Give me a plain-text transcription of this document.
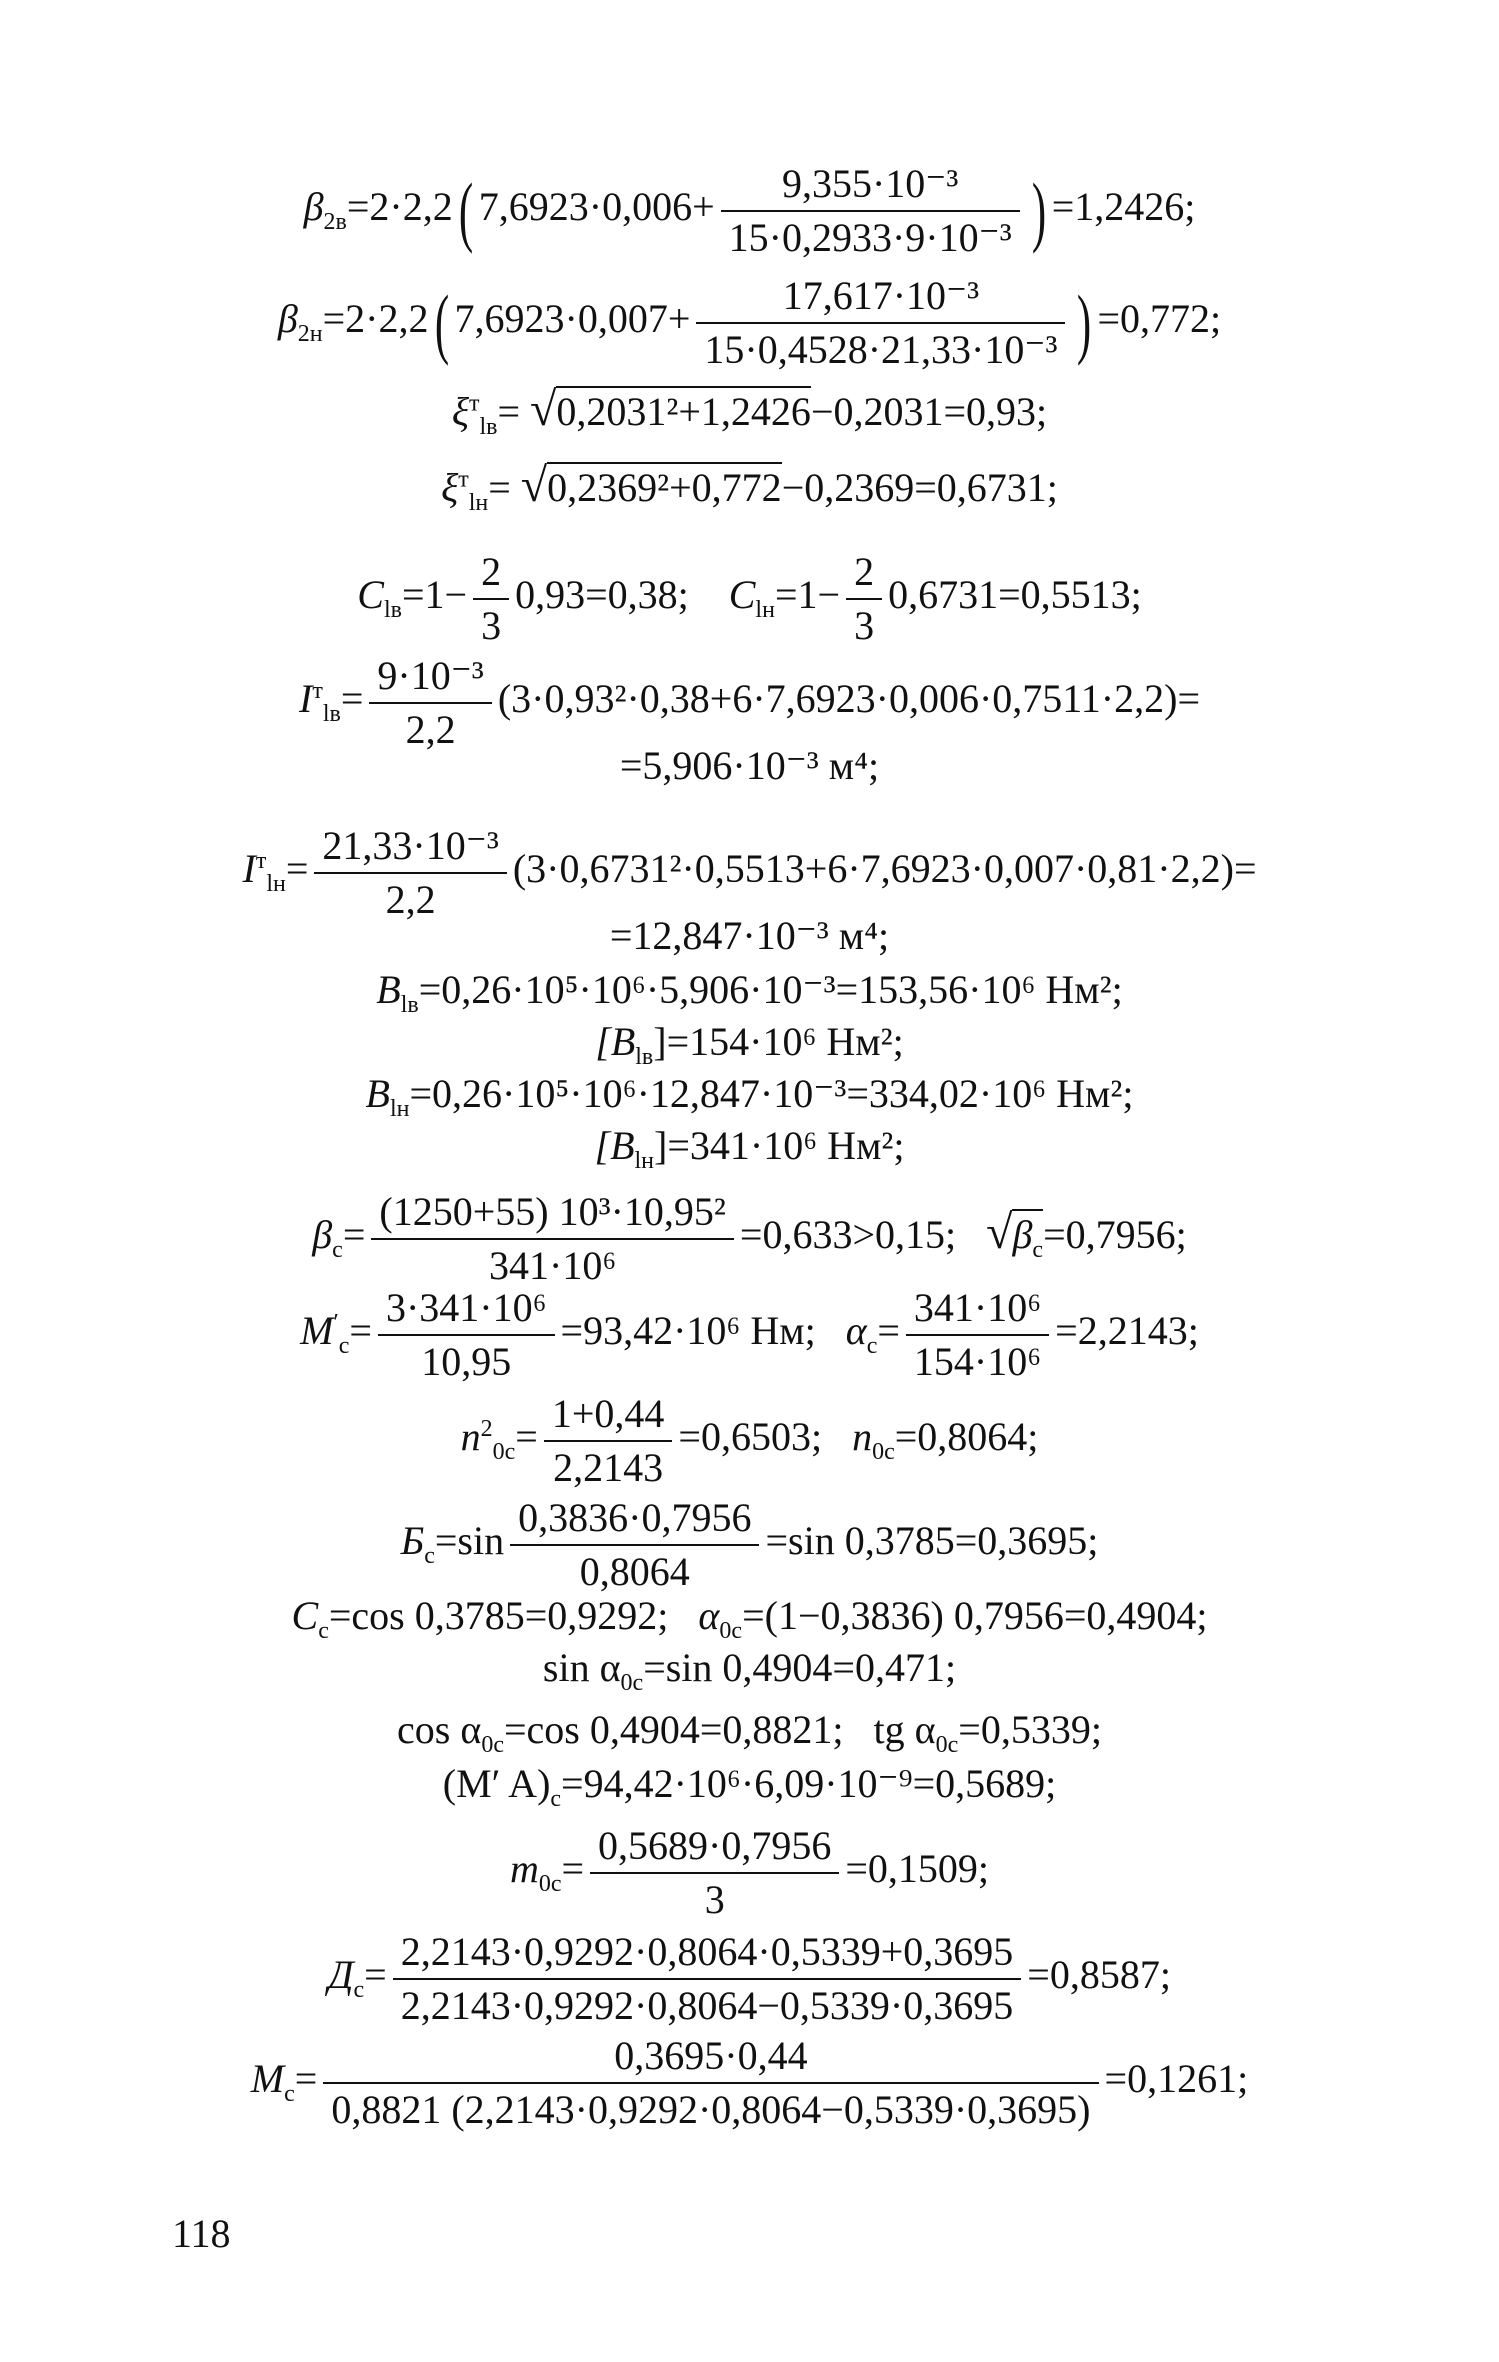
$\beta_{2в}=2\cdot 2,2$( $7,6923\cdot 0,006+ \frac{\text{9,355·10⁻³}}{\text{15·0,2933·9·10⁻³}}$ ) =1,2426;
$\beta_{2н}=2\cdot 2,2$( $7,6923\cdot 0,007+ \frac{\text{17,617·10⁻³}}{\text{15·0,4528·21,33·10⁻³}}$ ) =0,772;
$\xi^т_{lв}= √0,2031^2+1,2426-0,2031=0,93$;
$\xi^т_{lн}= √0,2369^2+0,772-0,2369=0,6731$;
$C_{lв}=1- \frac{2}{3} 0,93=0,38$; $C_{lн}=1- \frac{2}{3} 0,6731=0,5513$;
$I^т_{lв}= \frac{\text{9·10⁻³}}{2,2} (3\cdot 0,93^2\cdot 0,38+6\cdot 7,6923\cdot 0,006\cdot 0,7511\cdot 2,2)=$
=5,906·10⁻³ м⁴;
$I^т_{lн}= \frac{\text{21,33·10⁻³}}{2,2} (3\cdot 0,6731^2\cdot 0,5513+6\cdot 7,6923\cdot 0,007\cdot 0,81\cdot 2,2)=$
=12,847·10⁻³ м⁴;
$B_{lв}=0,26\cdot 10^5\cdot 10^6\cdot 5,906\cdot 10^{-3}=153,56\cdot 10^6$ Нм²;
$[B_{lв}]=154\cdot 10^6$ Нм²;
$B_{lн}=0,26\cdot 10^5\cdot 10^6\cdot 12,847\cdot 10^{-3}=334,02\cdot 10^6$ Нм²;
$[B_{lн}]=341\cdot 10^6$ Нм²;
$\beta_с= \frac{\text{(1250+55) 10³·10,95²}}{\text{341·10⁶}} =0,633>0,15$; $√\beta_с=0,7956$;
$M'_с= \frac{\text{3·341·10⁶}}{10,95} =93,42\cdot 10^6$ Нм; $\alpha_с= \frac{\text{341·10⁶}}{\text{154·10⁶}} =2,2143$;
$n^2_{0с}= \frac{1+0,44}{2,2143} =0,6503$; $n_{0с}=0,8064$;
$Б_с=\sin \frac{0,3836\cdot 0,7956}{0,8064} =\sin$ 0,3785=0,3695;
$C_с=\cos$ 0,3785=0,9292; $\alpha_{0с}=(1-0,3836)$ 0,7956=0,4904;
$\sin \alpha_{0с}=\sin$ 0,4904=0,471;
$\cos \alpha_{0с}=\cos$ 0,4904=0,8821; tg $\alpha_{0с}=0,5339$;
(M′ $A)_с=94,42\cdot 10^6\cdot 6,09\cdot 10^{-9}=0,5689$;
$m_{0с}= \frac{0,5689\cdot 0,7956}{3} =0,1509$;
$Д_с= \frac{2,2143\cdot 0,9292\cdot 0,8064\cdot 0,5339+0,3695}{2,2143\cdot 0,9292\cdot 0,8064-0,5339\cdot 0,3695} =0,8587$;
$M_с= \frac{0,3695\cdot 0,44}{0,8821 (2,2143\cdot 0,9292\cdot 0,8064-0,5339\cdot 0,3695)} =0,1261$;
118
